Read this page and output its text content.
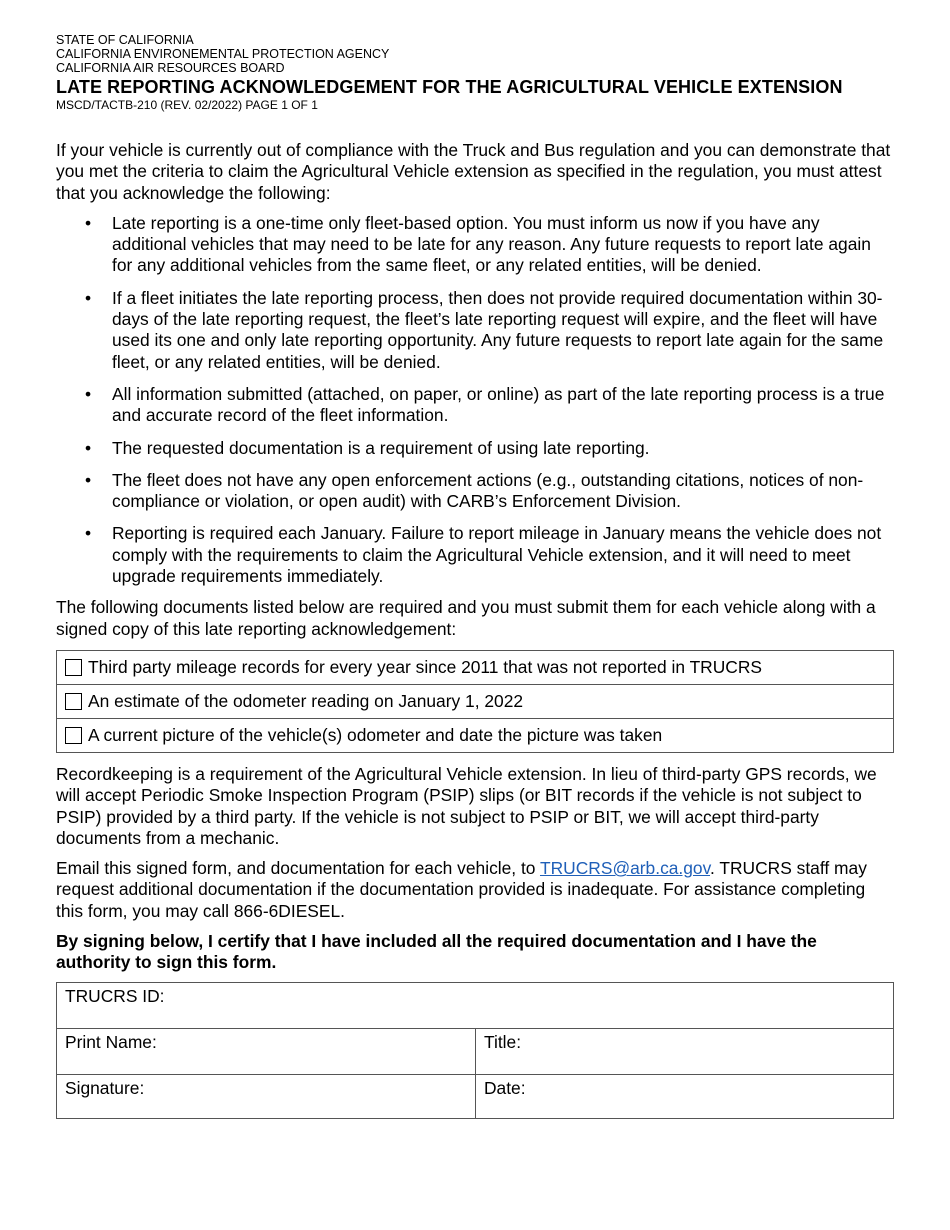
STATE OF CALIFORNIA
CALIFORNIA ENVIRONEMENTAL PROTECTION AGENCY
CALIFORNIA AIR RESOURCES BOARD
LATE REPORTING ACKNOWLEDGEMENT FOR THE AGRICULTURAL VEHICLE EXTENSION
MSCD/TACTB-210 (REV. 02/2022) PAGE 1 OF 1

If your vehicle is currently out of compliance with the Truck and Bus regulation and you can demonstrate that you met the criteria to claim the Agricultural Vehicle extension as specified in the regulation, you must attest that you acknowledge the following:

• Late reporting is a one-time only fleet-based option. You must inform us now if you have any additional vehicles that may need to be late for any reason. Any future requests to report late again for any additional vehicles from the same fleet, or any related entities, will be denied.
• If a fleet initiates the late reporting process, then does not provide required documentation within 30-days of the late reporting request, the fleet’s late reporting request will expire, and the fleet will have used its one and only late reporting opportunity. Any future requests to report late again for the same fleet, or any related entities, will be denied.
• All information submitted (attached, on paper, or online) as part of the late reporting process is a true and accurate record of the fleet information.
• The requested documentation is a requirement of using late reporting.
• The fleet does not have any open enforcement actions (e.g., outstanding citations, notices of non-compliance or violation, or open audit) with CARB’s Enforcement Division.
• Reporting is required each January. Failure to report mileage in January means the vehicle does not comply with the requirements to claim the Agricultural Vehicle extension, and it will need to meet upgrade requirements immediately.

The following documents listed below are required and you must submit them for each vehicle along with a signed copy of this late reporting acknowledgement:

Third party mileage records for every year since 2011 that was not reported in TRUCRS
An estimate of the odometer reading on January 1, 2022
A current picture of the vehicle(s) odometer and date the picture was taken

Recordkeeping is a requirement of the Agricultural Vehicle extension. In lieu of third-party GPS records, we will accept Periodic Smoke Inspection Program (PSIP) slips (or BIT records if the vehicle is not subject to PSIP) provided by a third party. If the vehicle is not subject to PSIP or BIT, we will accept third-party documents from a mechanic.

Email this signed form, and documentation for each vehicle, to TRUCRS@arb.ca.gov. TRUCRS staff may request additional documentation if the documentation provided is inadequate. For assistance completing this form, you may call 866-6DIESEL.

By signing below, I certify that I have included all the required documentation and I have the authority to sign this form.

TRUCRS ID:	
Print Name:	Title:
Signature:	Date:
